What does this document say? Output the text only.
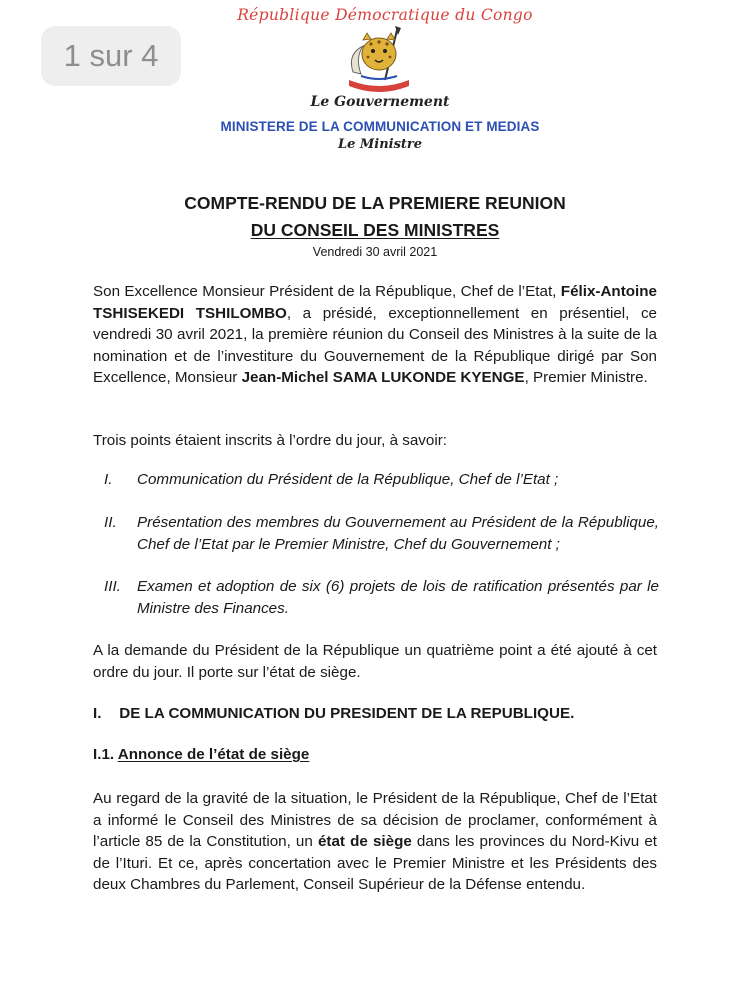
1 sur 4
République Démocratique du Congo
Le Gouvernement
MINISTERE DE LA COMMUNICATION ET MEDIAS
Le Ministre
COMPTE-RENDU DE LA PREMIERE REUNION
DU CONSEIL DES MINISTRES
Vendredi 30 avril 2021

Son Excellence Monsieur Président de la République, Chef de l’Etat, Félix-Antoine TSHISEKEDI TSHILOMBO, a présidé, exceptionnellement en présentiel, ce vendredi 30 avril 2021, la première réunion du Conseil des Ministres à la suite de la nomination et de l’investiture du Gouvernement de la République dirigé par Son Excellence, Monsieur Jean-Michel SAMA LUKONDE KYENGE, Premier Ministre.

Trois points étaient inscrits à l’ordre du jour, à savoir:

I. Communication du Président de la République, Chef de l’Etat ;
II. Présentation des membres du Gouvernement au Président de la République, Chef de l’Etat par le Premier Ministre, Chef du Gouvernement ;
III. Examen et adoption de six (6) projets de lois de ratification présentés par le Ministre des Finances.

A la demande du Président de la République un quatrième point a été ajouté à cet ordre du jour. Il porte sur l’état de siège.

I. DE LA COMMUNICATION DU PRESIDENT DE LA REPUBLIQUE.
I.1. Annonce de l’état de siège

Au regard de la gravité de la situation, le Président de la République, Chef de l’Etat a informé le Conseil des Ministres de sa décision de proclamer, conformément à l’article 85 de la Constitution, un état de siège dans les provinces du Nord-Kivu et de l’Ituri. Et ce, après concertation avec le Premier Ministre et les Présidents des deux Chambres du Parlement, Conseil Supérieur de la Défense entendu.
